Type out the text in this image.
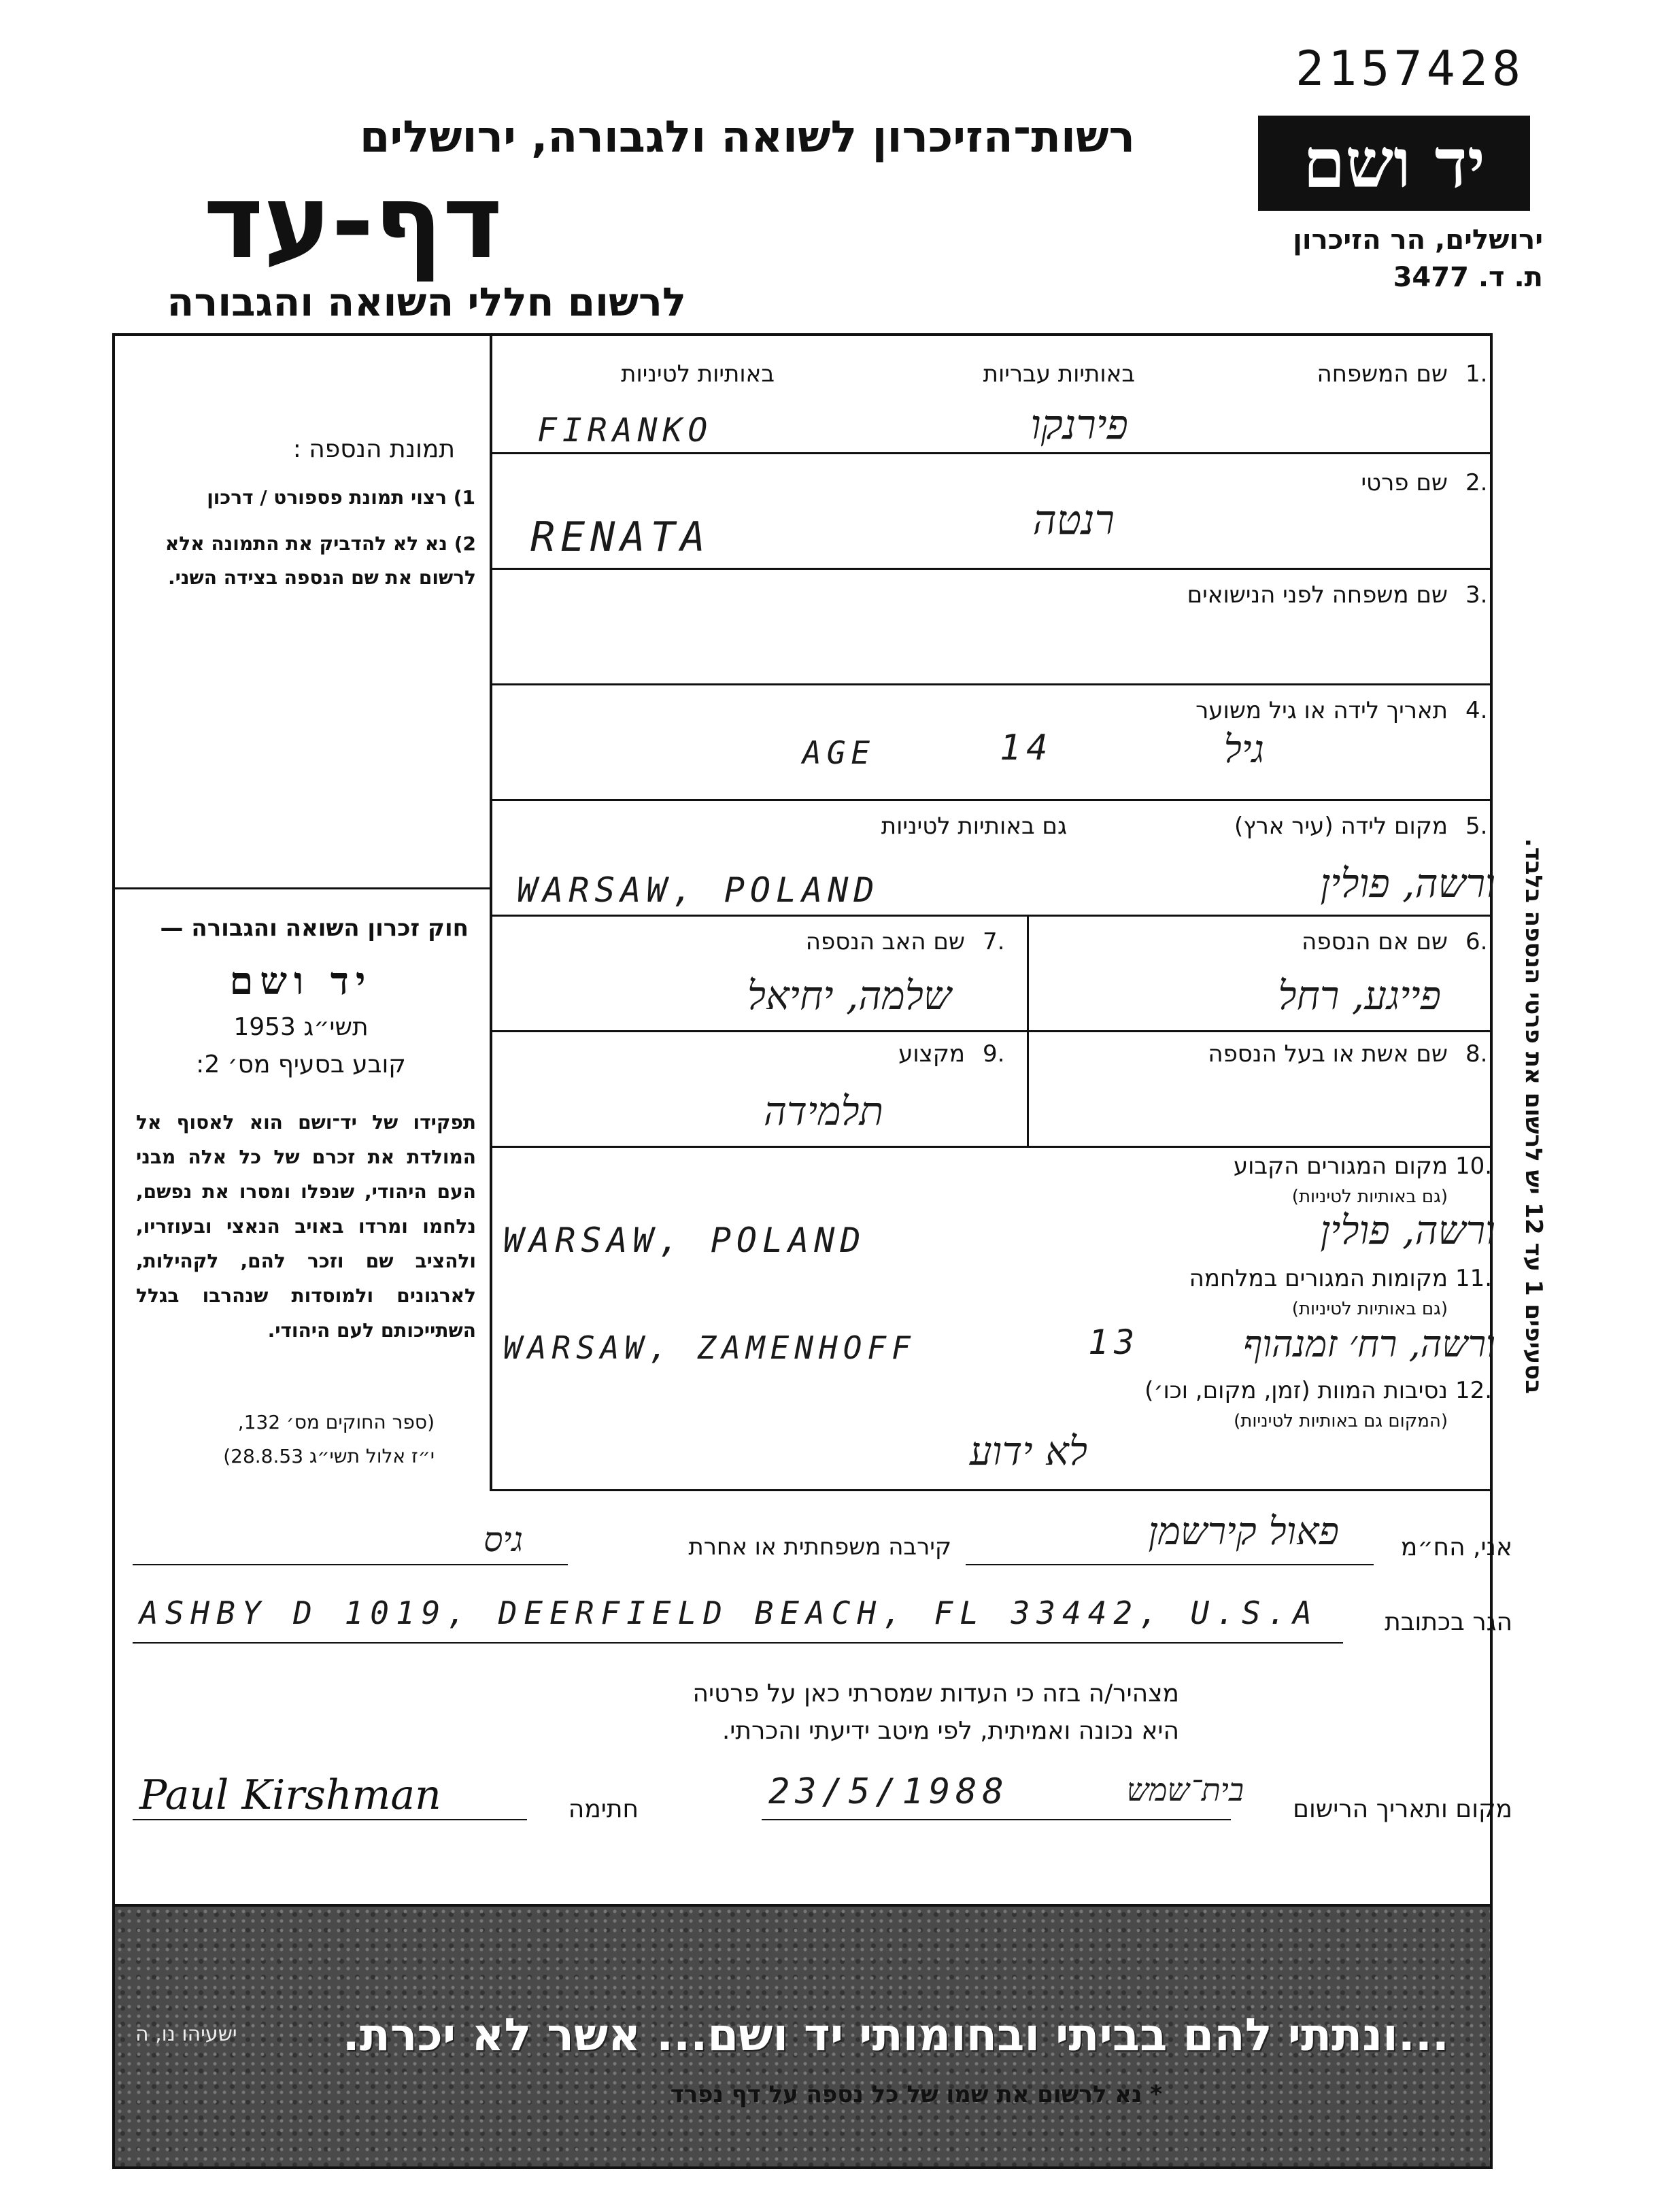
2157428
רשות־הזיכרון לשואה ולגבורה, ירושלים
דף-עד
לרשום חללי השואה והגבורה
יד ושם
ירושלים, הר הזיכרון
ת. ד. 3477
תמונת הנספה :
1) רצוי תמונת פספורט / דרכון
2) נא לא להדביק את התמונה אלא לרשום את שם הנספה בצידה השני.
חוק זכרון השואה והגבורה —
יד ושם
תשי״ג 1953
קובע בסעיף מס׳ 2:
תפקידו של יד־ושם הוא לאסוף אל המולדת את זכרם של כל אלה מבני העם היהודי, שנפלו ומסרו את נפשם, נלחמו ומרדו באויב הנאצי ובעוזריו, ולהציב שם וזכר להם, לקהילות, לארגונים ולמוסדות שנהרבו בגלל השתייכותם לעם היהודי.
(ספר החוקים מס׳ 132,
י״ז אלול תשי״ג 28.8.53)
1.
שם המשפחה
באותיות עבריות
באותיות לטיניות
FIRANKO	פירנקו
2.
שם פרטי
RENATA	רנטה
3.
שם משפחה לפני הנישואים
4.
תאריך לידה או גיל משוער
AGE	14	גיל
5.
מקום לידה (עיר ארץ)
גם באותיות לטיניות
WARSAW, POLAND	ורשה, פולין
6.
שם אם הנספה
פייגע, רחל
7.
שם האב הנספה
שלמה, יחיאל
8.
שם אשת או בעל הנספה
9.
מקצוע
תלמידה
10.
מקום המגורים הקבוע
(גם באותיות לטיניות)
WARSAW, POLAND	ורשה, פולין
11.
מקומות המגורים במלחמה
(גם באותיות לטיניות)
WARSAW, ZAMENHOFF	13	ורשה, רח׳ זמנהוף
12.
נסיבות המוות (זמן, מקום, וכו׳)
(המקום גם באותיות לטיניות)
לא ידוע
בסעיפים 1 עד 12 יש לרשום את פרטי הנספה בלבד.
אני, הח״מ
פאול קירשמן
קירבה משפחתית או אחרת
גיס
הגר בכתובת
ASHBY D 1019, DEERFIELD BEACH, FL 33442, U.S.A
מצהיר/ה בזה כי העדות שמסרתי כאן על פרטיה
היא נכונה ואמיתית, לפי מיטב ידיעתי והכרתי.
מקום ותאריך הרישום
23/5/1988	בית־שמש
חתימה
Paul Kirshman
...ונתתי להם בביתי ובחומותי יד ושם... אשר לא יכרת.
ישעיהו נו, ה
* נא לרשום את שמו של כל נספה על דף נפרד
